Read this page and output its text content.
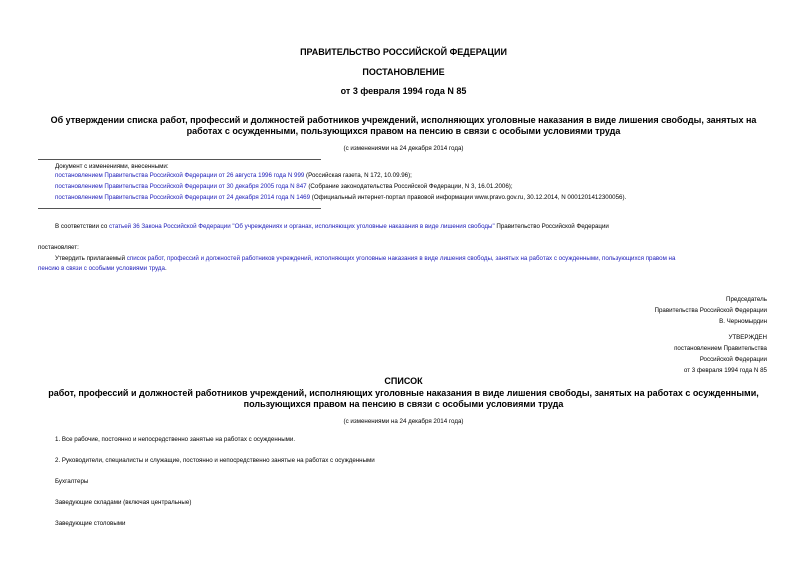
ПРАВИТЕЛЬСТВО РОССИЙСКОЙ ФЕДЕРАЦИИ
ПОСТАНОВЛЕНИЕ
от 3 февраля 1994 года N 85
Об утверждении списка работ, профессий и должностей работников учреждений, исполняющих уголовные наказания в виде лишения свободы, занятых на
работах с осужденными, пользующихся правом на пенсию в связи с особыми условиями труда
(с изменениями на 24 декабря 2014 года)
Документ с изменениями, внесенными:
постановлением Правительства Российской Федерации от 26 августа 1996 года N 999 (Российская газета, N 172, 10.09.96);
постановлением Правительства Российской Федерации от 30 декабря 2005 года N 847 (Собрание законодательства Российской Федерации, N 3, 16.01.2006);
постановлением Правительства Российской Федерации от 24 декабря 2014 года N 1469 (Официальный интернет-портал правовой информации www.pravo.gov.ru, 30.12.2014, N 0001201412300056).
В соответствии со статьей 36 Закона Российской Федерации "Об учреждениях и органах, исполняющих уголовные наказания в виде лишения свободы" Правительство Российской Федерации
постановляет:
Утвердить прилагаемый список работ, профессий и должностей работников учреждений, исполняющих уголовные наказания в виде лишения свободы, занятых на работах с осужденными, пользующихся правом на
пенсию в связи с особыми условиями труда.
Председатель
Правительства Российской Федерации
В. Черномырдин
УТВЕРЖДЕН
постановлением Правительства
Российской Федерации
от 3 февраля 1994 года N 85
СПИСОК
работ, профессий и должностей работников учреждений, исполняющих уголовные наказания в виде лишения свободы, занятых на работах с осужденными,
пользующихся правом на пенсию в связи с особыми условиями труда
(с изменениями на 24 декабря 2014 года)
1. Все рабочие, постоянно и непосредственно занятые на работах с осужденными.
2. Руководители, специалисты и служащие, постоянно и непосредственно занятые на работах с осужденными
Бухгалтеры
Заведующие складами (включая центральные)
Заведующие столовыми
